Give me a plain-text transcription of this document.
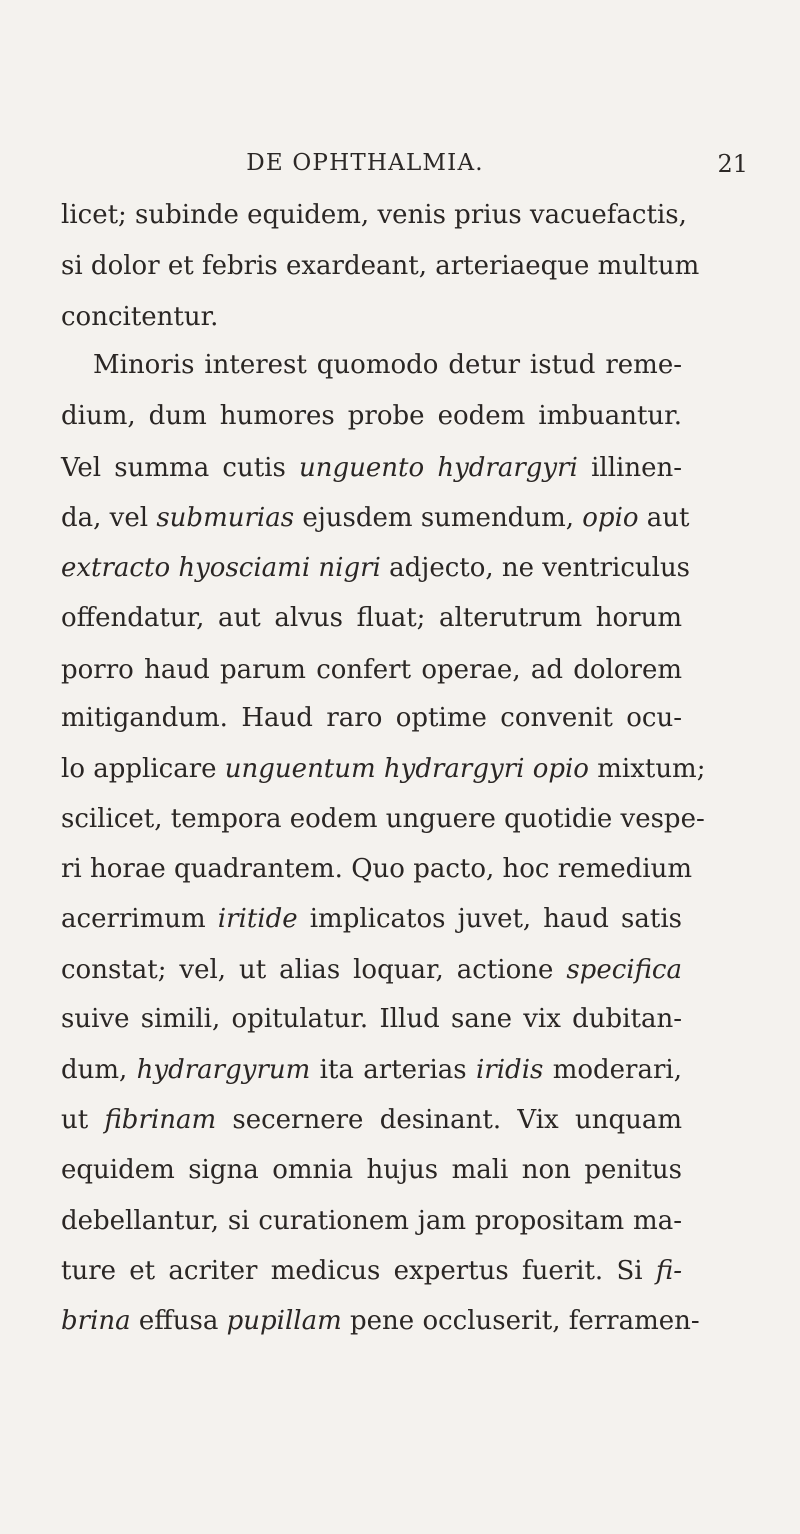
DE OPHTHALMIA.	21
licet; subinde equidem, venis prius vacuefactis,
si dolor et febris exardeant, arteriaeque multum
concitentur.
Minoris interest quomodo detur istud reme-
dium, dum humores probe eodem imbuantur.
Vel summa cutis unguento hydrargyri illinen-
da, vel submurias ejusdem sumendum, opio aut
extracto hyosciami nigri adjecto, ne ventriculus
offendatur, aut alvus fluat; alterutrum horum
porro haud parum confert operae, ad dolorem
mitigandum. Haud raro optime convenit ocu-
lo applicare unguentum hydrargyri opio mixtum;
scilicet, tempora eodem unguere quotidie vespe-
ri horae quadrantem. Quo pacto, hoc remedium
acerrimum iritide implicatos juvet, haud satis
constat; vel, ut alias loquar, actione specifica
suive simili, opitulatur. Illud sane vix dubitan-
dum, hydrargyrum ita arterias iridis moderari,
ut fibrinam secernere desinant. Vix unquam
equidem signa omnia hujus mali non penitus
debellantur, si curationem jam propositam ma-
ture et acriter medicus expertus fuerit. Si fi-
brina effusa pupillam pene occluserit, ferramen-
